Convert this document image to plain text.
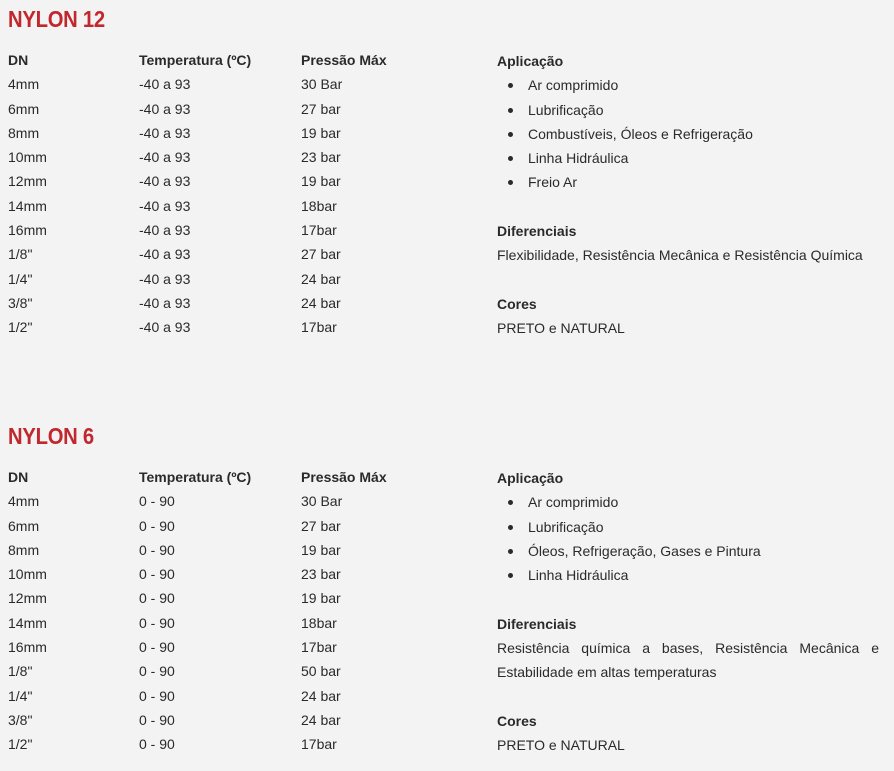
NYLON 12
DN	Temperatura (ºC)	Pressão Máx
4mm	-40 a 93	30 Bar
6mm	-40 a 93	27 bar
8mm	-40 a 93	19 bar
10mm	-40 a 93	23 bar
12mm	-40 a 93	19 bar
14mm	-40 a 93	18bar
16mm	-40 a 93	17bar
1/8"	-40 a 93	27 bar
1/4"	-40 a 93	24 bar
3/8"	-40 a 93	24 bar
1/2"	-40 a 93	17bar
Aplicação
Ar comprimido
Lubrificação
Combustíveis, Óleos e Refrigeração
Linha Hidráulica
Freio Ar
Diferenciais

Flexibilidade, Resistência Mecânica e Resistência Química

Cores

PRETO e NATURAL

NYLON 6
DN	Temperatura (ºC)	Pressão Máx
4mm	0 - 90	30 Bar
6mm	0 - 90	27 bar
8mm	0 - 90	19 bar
10mm	0 - 90	23 bar
12mm	0 - 90	19 bar
14mm	0 - 90	18bar
16mm	0 - 90	17bar
1/8"	0 - 90	50 bar
1/4"	0 - 90	24 bar
3/8"	0 - 90	24 bar
1/2"	0 - 90	17bar
Aplicação
Ar comprimido
Lubrificação
Óleos, Refrigeração, Gases e Pintura
Linha Hidráulica
Diferenciais

Resistência química a bases, Resistência Mecânica e Estabilidade em altas temperaturas

Cores

PRETO e NATURAL
